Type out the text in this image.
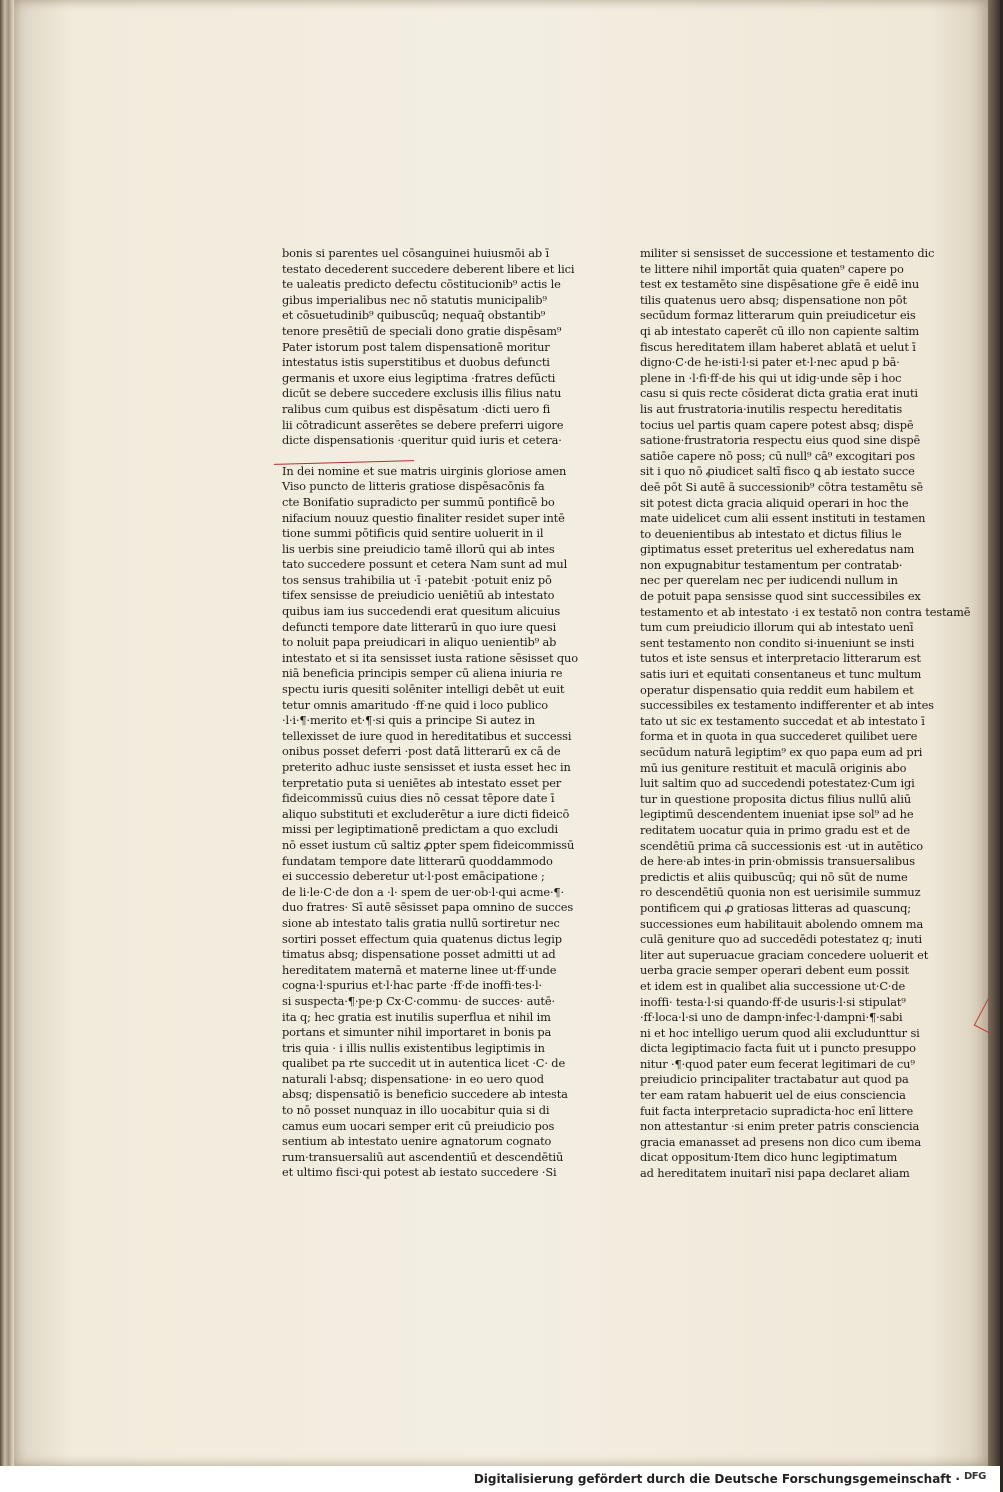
bonis si parentes uel cōsanguinei huiusmōi ab ī
testato decederent succedere deberent libere et lici
te ualeatis predicto defectu cōstitucionib⁹ actis le
gibus imperialibus nec nō statutis municipalib⁹
et cōsuetudinib⁹ quibuscūq; nequaq̄ obstantib⁹
tenore presētiū de speciali dono gratie dispēsam⁹
Pater istorum post talem dispensationē moritur
intestatus istis superstitibus et duobus defuncti
germanis et uxore eius legiptima ·fratres defūcti
dicūt se debere succedere exclusis illis filius natu
ralibus cum quibus est dispēsatum ·dicti uero fi
lii cōtradicunt asserētes se debere preferri uigore
dicte dispensationis ·queritur quid iuris et cetera·
In dei nomine et sue matris uirginis gloriose amen
Viso puncto de litteris gratiose dispēsacōnis fa
cte Bonifatio supradicto per summū pontificē bo
nifacium nouuz questio finaliter residet super intē
tione summi pōtificis quid sentire uoluerit in il
lis uerbis sine preiudicio tamē illorū qui ab intes
tato succedere possunt et cetera Nam sunt ad mul
tos sensus trahibilia ut ·ī ·patebit ·potuit eniz pō
tifex sensisse de preiudicio ueniētiū ab intestato
quibus iam ius succedendi erat quesitum alicuius
defuncti tempore date litterarū in quo iure quesi
to noluit papa preiudicari in aliquo uenientib⁹ ab
intestato et si ita sensisset iusta ratione sēsisset quo
niā beneficia principis semper cū aliena iniuria re
spectu iuris quesiti solēniter intelligi debēt ut euit
tetur omnis amaritudo ·ff·ne quid i loco publico
·l·i·¶·merito et·¶·si quis a principe Si autez in
tellexisset de iure quod in hereditatibus et successi
onibus posset deferri ·post datā litterarū ex cā de
preterito adhuc iuste sensisset et iusta esset hec in
terpretatio puta si ueniētes ab intestato esset per
fideicommissū cuius dies nō cessat tēpore date ī
aliquo substituti et excluderētur a iure dicti fideicō
missi per legiptimationē predictam a quo excludi
nō esset iustum cū saltiz ꝓpter spem fideicommissū
fundatam tempore date litterarū quoddammodo
ei successio deberetur ut·l·post emācipatione ;
de li·le·C·de don a ·l· spem de uer·ob·l·qui acme·¶·
duo fratres· Sī autē sēsisset papa omnino de succes
sione ab intestato talis gratia nullū sortiretur nec
sortiri posset effectum quia quatenus dictus legip
timatus absq; dispensatione posset admitti ut ad
hereditatem maternā et materne linee ut·ff·unde
cogna·l·spurius et·l·hac parte ·ff·de inoffi·tes·l·
si suspecta·¶·pe·p Cx·C·commu· de succes· autē·
ita q; hec gratia est inutilis superflua et nihil im
portans et simunter nihil importaret in bonis pa
tris quia · i illis nullis existentibus legiptimis in
qualibet pa rte succedit ut in autentica licet ·C· de
naturali l·absq; dispensatione· in eo uero quod
absq; dispensatiō is beneficio succedere ab intesta
to nō posset nunquaz in illo uocabitur quia si di
camus eum uocari semper erit cū preiudicio pos
sentium ab intestato uenire agnatorum cognato
rum·transuersaliū aut ascendentiū et descendētiū
et ultimo fisci·qui potest ab iestato succedere ·Si
militer si sensisset de successione et testamento dic
te littere nihil importāt quia quaten⁹ capere po
test ex testamēto sine dispēsatione gr̄e ē eidē inu
tilis quatenus uero absq; dispensatione non pōt
secūdum formaz litterarum quin preiudicetur eis
qi ab intestato caperēt cū illo non capiente saltim
fiscus hereditatem illam haberet ablatā et uelut ī
digno·C·de he·isti·l·si pater et·l·nec apud p bā·
plene in ·l·fi·ff·de his qui ut idig·unde sēp i hoc
casu si quis recte cōsiderat dicta gratia erat inuti
lis aut frustratoria·inutilis respectu hereditatis
tocius uel partis quam capere potest absq; dispē
satione·frustratoria respectu eius quod sine dispē
satiōe capere nō poss; cū null⁹ cā⁹ excogitari pos
sit i quo nō ꝓiudicet saltī fisco ꝗ ab iestato succe
deē pōt Si autē ā successionib⁹ cōtra testamētu sē
sit potest dicta gracia aliquid operari in hoc the
mate uidelicet cum alii essent instituti in testamen
to deuenientibus ab intestato et dictus filius le
giptimatus esset preteritus uel exheredatus nam
non expugnabitur testamentum per contratab·
nec per querelam nec per iudicendi nullum in
de potuit papa sensisse quod sint successibiles ex
testamento et ab intestato ·i ex testatō non contra testamē
tum cum preiudicio illorum qui ab intestato uenī
sent testamento non condito si·inueniunt se insti
tutos et iste sensus et interpretacio litterarum est
satis iuri et equitati consentaneus et tunc multum
operatur dispensatio quia reddit eum habilem et
successibiles ex testamento indifferenter et ab intes
tato ut sic ex testamento succedat et ab intestato ī
forma et in quota in qua succederet quilibet uere
secūdum naturā legiptim⁹ ex quo papa eum ad pri
mū ius geniture restituit et maculā originis abo
luit saltim quo ad succedendi potestatez·Cum igi
tur in questione proposita dictus filius nullū aliū
legiptimū descendentem inueniat ipse sol⁹ ad he
reditatem uocatur quia in primo gradu est et de
scendētiū prima cā successionis est ·ut in autētico
de here·ab intes·in prin·obmissis transuersalibus
predictis et aliis quibuscūq; qui nō sūt de nume
ro descendētiū quonia non est uerisimile summuz
pontificem qui ꝓ gratiosas litteras ad quascunq;
successiones eum habilitauit abolendo omnem ma
culā geniture quo ad succedēdi potestatez q; inuti
liter aut superuacue graciam concedere uoluerit et
uerba gracie semper operari debent eum possit
et idem est in qualibet alia successione ut·C·de
inoffi· testa·l·si quando·ff·de usuris·l·si stipulat⁹
·ff·loca·l·si uno de dampn·infec·l·dampni·¶·sabi
ni et hoc intelligo uerum quod alii excludunttur si
dicta legiptimacio facta fuit ut i puncto presuppo
nitur ·¶·quod pater eum fecerat legitimari de cu⁹
preiudicio principaliter tractabatur aut quod pa
ter eam ratam habuerit uel de eius consciencia
fuit facta interpretacio supradicta·hoc enī littere
non attestantur ·si enim preter patris consciencia
gracia emanasset ad presens non dico cum ibema
dicat oppositum·Item dico hunc legiptimatum
ad hereditatem inuitarī nisi papa declaret aliam
Digitalisierung gefördert durch die Deutsche Forschungsgemeinschaft · DFG
